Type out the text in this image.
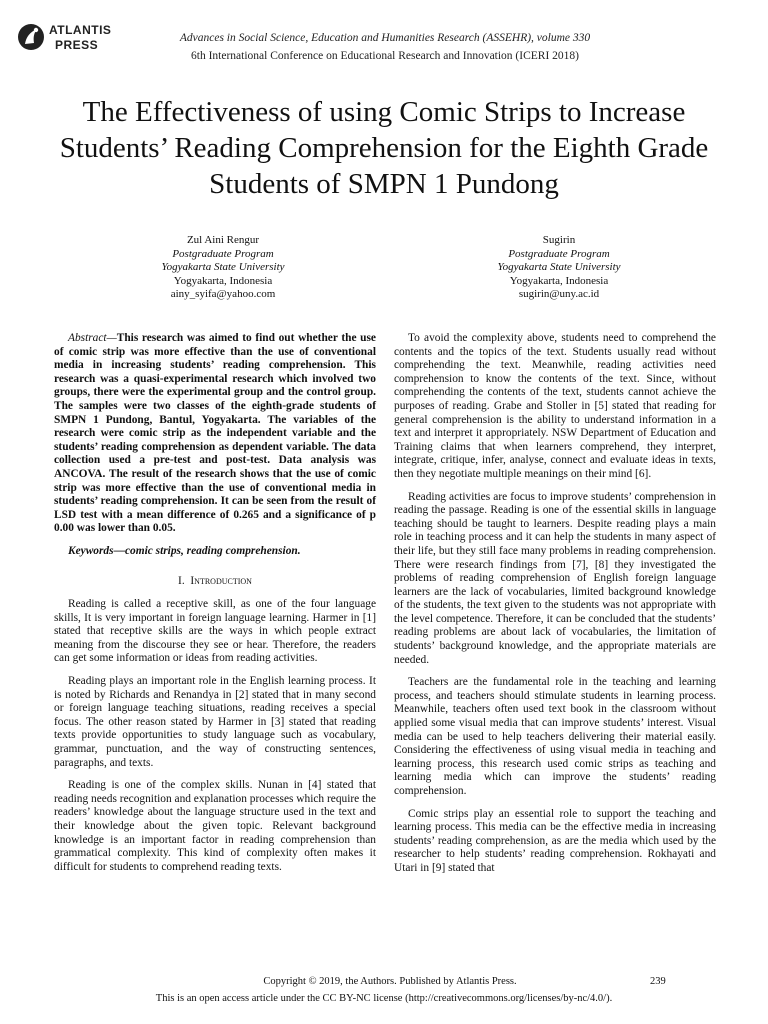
ATLANTIS
PRESS	Advances in Social Science, Education and Humanities Research (ASSEHR), volume 330
6th International Conference on Educational Research and Innovation (ICERI 2018)
The Effectiveness of using Comic Strips to Increase Students’ Reading Comprehension for the Eighth Grade Students of SMPN 1 Pundong
Zul Aini Rengur
Postgraduate Program
Yogyakarta State University
Yogyakarta, Indonesia
ainy_syifa@yahoo.com
Sugirin
Postgraduate Program
Yogyakarta State University
Yogyakarta, Indonesia
sugirin@uny.ac.id

Abstract—This research was aimed to find out whether the use of comic strip was more effective than the use of conventional media in increasing students’ reading comprehension. This research was a quasi-experimental research which involved two groups, there were the experimental group and the control group. The samples were two classes of the eighth-grade students of SMPN 1 Pundong, Bantul, Yogyakarta. The variables of the research were comic strip as the independent variable and the students’ reading comprehension as dependent variable. The data collection used a pre-test and post-test. Data analysis was ANCOVA. The result of the research shows that the use of comic strip was more effective than the use of conventional media in students’ reading comprehension. It can be seen from the result of LSD test with a mean difference of 0.265 and a significance of p 0.00 was lower than 0.05.

Keywords—comic strips, reading comprehension.

I. Introduction

Reading is called a receptive skill, as one of the four language skills, It is very important in foreign language learning. Harmer in [1] stated that receptive skills are the ways in which people extract meaning from the discourse they see or hear. Therefore, the readers can get some information or ideas from reading activities.

Reading plays an important role in the English learning process. It is noted by Richards and Renandya in [2] stated that in many second or foreign language teaching situations, reading receives a special focus. The other reason stated by Harmer in [3] stated that reading texts provide opportunities to study language such as vocabulary, grammar, punctuation, and the way of constructing sentences, paragraphs, and texts.

Reading is one of the complex skills. Nunan in [4] stated that reading needs recognition and explanation processes which require the readers’ knowledge about the language structure used in the text and their knowledge about the given topic. Relevant background knowledge is an important factor in reading comprehension than grammatical complexity. This kind of complexity often makes it difficult for students to comprehend reading texts.

To avoid the complexity above, students need to comprehend the contents and the topics of the text. Students usually read without comprehending the text. Meanwhile, reading activities need comprehension to know the contents of the text. Since, without comprehending the contents of the text, students cannot achieve the purposes of reading. Grabe and Stoller in [5] stated that reading for general comprehension is the ability to understand information in a text and interpret it appropriately. NSW Department of Education and Training claims that when learners comprehend, they interpret, integrate, critique, infer, analyse, connect and evaluate ideas in texts, then they negotiate multiple meanings on their mind [6].

Reading activities are focus to improve students’ comprehension in reading the passage. Reading is one of the essential skills in language teaching should be taught to learners. Despite reading plays a main role in teaching process and it can help the students in many aspect of their life, but they still face many problems in reading comprehension. There were research findings from [7], [8] they investigated the problems of reading comprehension of English foreign language learners are the lack of vocabularies, limited background knowledge of the students, the text given to the students was not appropriate with the level competence. Therefore, it can be concluded that the students’ reading problems are about lack of vocabularies, the limitation of students’ background knowledge, and the appropriate materials are needed.

Teachers are the fundamental role in the teaching and learning process, and teachers should stimulate students in learning process. Meanwhile, teachers often used text book in the classroom without applied some visual media that can improve students’ interest. Visual media can be used to help teachers delivering their material easily. Considering the effectiveness of using visual media in teaching and learning process, this research used comic strips as teaching and learning media which can improve the students’ reading comprehension.

Comic strips play an essential role to support the teaching and learning process. This media can be the effective media in increasing students’ reading comprehension, as are the media which used by the researcher to help students’ reading comprehension. Rokhayati and Utari in [9] stated that

Copyright © 2019, the Authors. Published by Atlantis Press.	239
This is an open access article under the CC BY-NC license (http://creativecommons.org/licenses/by-nc/4.0/).
